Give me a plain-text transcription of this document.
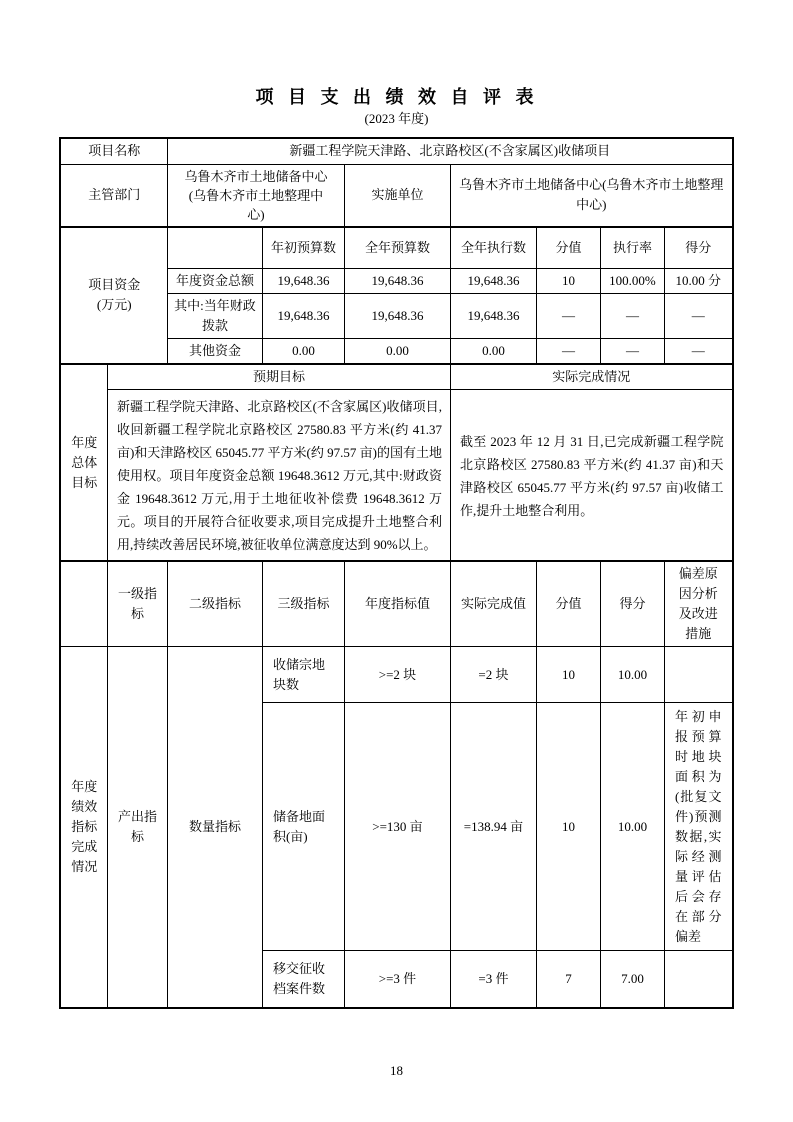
项 目 支 出 绩 效 自 评 表
(2023 年度)
项目名称		新疆工程学院天津路、北京路校区(不含家属区)收储项目						
主管部门		乌鲁木齐市土地储备中心(乌鲁木齐市土地整理中心)		实施单位	乌鲁木齐市土地储备中心(乌鲁木齐市土地整理中心)			
项目资金(万元)			年初预算数	全年预算数	全年执行数	分值	执行率	得分
		年度资金总额	19,648.36	19,648.36	19,648.36	10	100.00%	10.00 分
		其中:当年财政拨款	19,648.36	19,648.36	19,648.36	—	—	—
		其他资金	0.00	0.00	0.00	—	—	—
年度总体目标	预期目标				实际完成情况			
	新疆工程学院天津路、北京路校区(不含家属区)收储项目,收回新疆工程学院北京路校区 27580.83 平方米(约 41.37 亩)和天津路校区 65045.77 平方米(约 97.57 亩)的国有土地使用权。项目年度资金总额 19648.3612 万元,其中:财政资金 19648.3612 万元,用于土地征收补偿费 19648.3612 万元。项目的开展符合征收要求,项目完成提升土地整合利用,持续改善居民环境,被征收单位满意度达到 90%以上。				截至 2023 年 12 月 31 日,已完成新疆工程学院北京路校区 27580.83 平方米(约 41.37 亩)和天津路校区 65045.77 平方米(约 97.57 亩)收储工作,提升土地整合利用。			
	一级指标	二级指标	三级指标	年度指标值	实际完成值	分值	得分	偏差原因分析及改进措施
年度绩效指标完成情况	产出指标	数量指标	收储宗地块数	>=2 块	=2 块	10	10.00	
			储备地面积(亩)	>=130 亩	=138.94 亩	10	10.00	年初申报预算时地块面积为(批复文件)预测数据,实际经测量评估后会存在部分偏差
			移交征收档案件数	>=3 件	=3 件	7	7.00	
18
